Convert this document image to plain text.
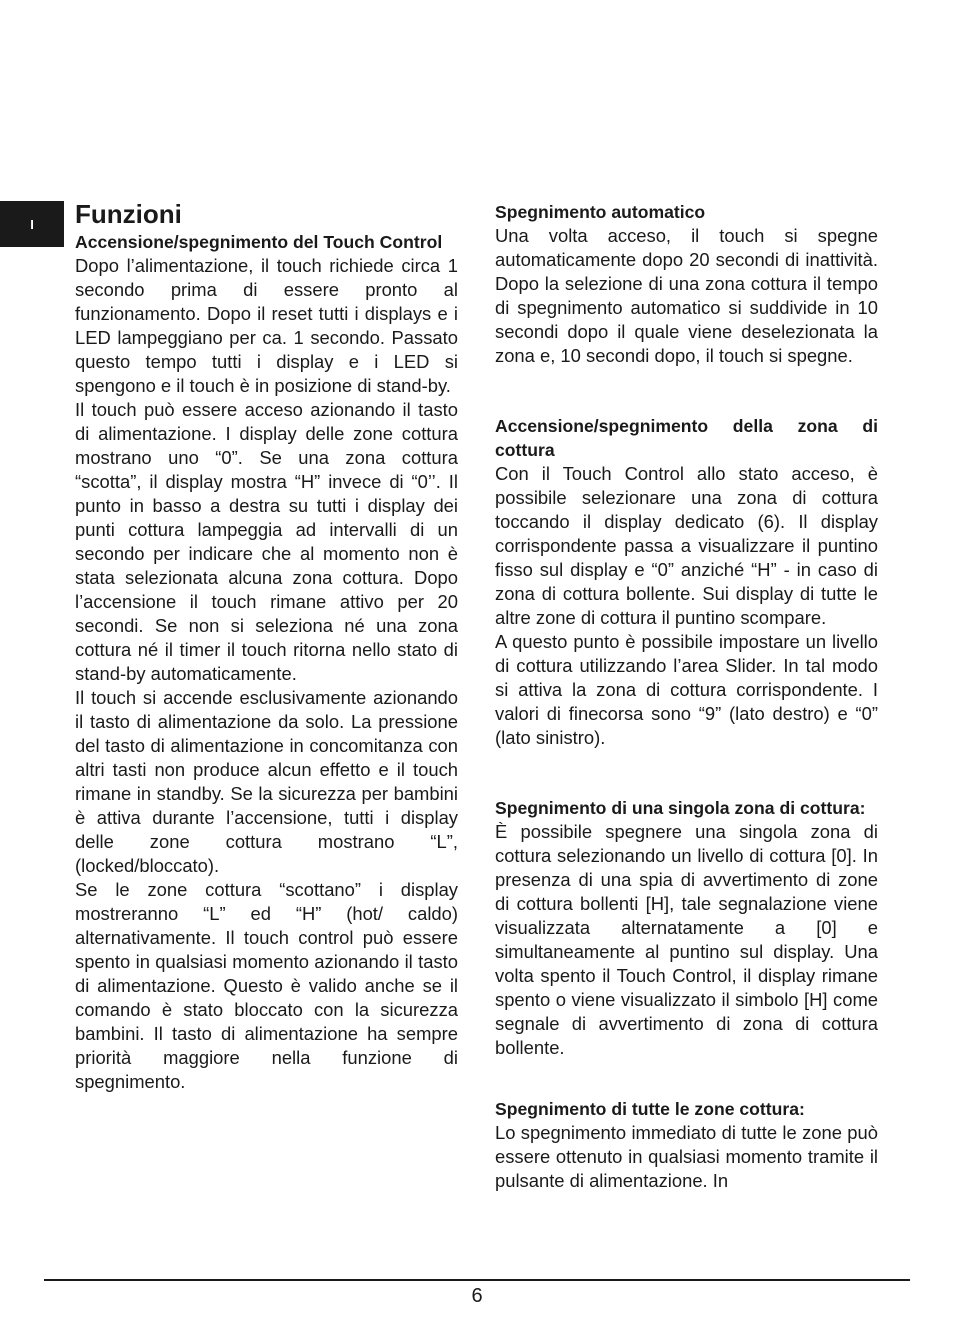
I Funzioni
Accensione/spegnimento del Touch Control

Dopo l’alimentazione, il touch richiede circa 1 secondo prima di essere pronto al funzionamento. Dopo il reset tutti i displays e i LED lampeggiano per ca. 1 secondo. Passato questo tempo tutti i display e i LED si spengono e il touch è in posizione di stand-by.

Il touch può essere acceso azionando il tasto di alimentazione. I display delle zone cottura mostrano uno “0”. Se una zona cottura “scotta”, il display mostra “H” invece di “0’’. Il punto in basso a destra su tutti i display dei punti cottura lampeggia ad intervalli di un secondo per indicare che al momento non è stata selezionata alcuna zona cottura. Dopo l’accensione il touch rimane attivo per 20 secondi. Se non si seleziona né una zona cottura né il timer il touch ritorna nello stato di stand-by automaticamente.

Il touch si accende esclusivamente azionando il tasto di alimentazione da solo. La pressione del tasto di alimentazione in concomitanza con altri tasti non produce alcun effetto e il touch rimane in standby. Se la sicurezza per bambini è attiva durante l’accensione, tutti i display delle zone cottura mostrano “L”, (locked/bloccato).

Se le zone cottura “scottano” i display mostreranno “L” ed “H” (hot/ caldo) alternativamente. Il touch control può essere spento in qualsiasi momento azionando il tasto di alimentazione. Questo è valido anche se il comando è stato bloccato con la sicurezza bambini. Il tasto di alimentazione ha sempre priorità maggiore nella funzione di spegnimento.

Spegnimento automatico

Una volta acceso, il touch si spegne automaticamente dopo 20 secondi di inattività. Dopo la selezione di una zona cottura il tempo di spegnimento automatico si suddivide in 10 secondi dopo il quale viene deselezionata la zona e, 10 secondi dopo, il touch si spegne.

Accensione/spegnimento della zona di cottura

Con il Touch Control allo stato acceso, è possibile selezionare una zona di cottura toccando il display dedicato (6). Il display corrispondente passa a visualizzare il puntino fisso sul display e “0” anziché “H” - in caso di zona di cottura bollente. Sui display di tutte le altre zone di cottura il puntino scompare.

A questo punto è possibile impostare un livello di cottura utilizzando l’area Slider. In tal modo si attiva la zona di cottura corrispondente. I valori di finecorsa sono “9” (lato destro) e “0” (lato sinistro).

Spegnimento di una singola zona di cottura:

È possibile spegnere una singola zona di cottura selezionando un livello di cottura [0]. In presenza di una spia di avvertimento di zone di cottura bollenti [H], tale segnalazione viene visualizzata alternatamente a [0] e simultaneamente al puntino sul display. Una volta spento il Touch Control, il display rimane spento o viene visualizzato il simbolo [H] come segnale di avvertimento di zona di cottura bollente.

Spegnimento di tutte le zone cottura:

Lo spegnimento immediato di tutte le zone può essere ottenuto in qualsiasi momento tramite il pulsante di alimentazione. In

6
